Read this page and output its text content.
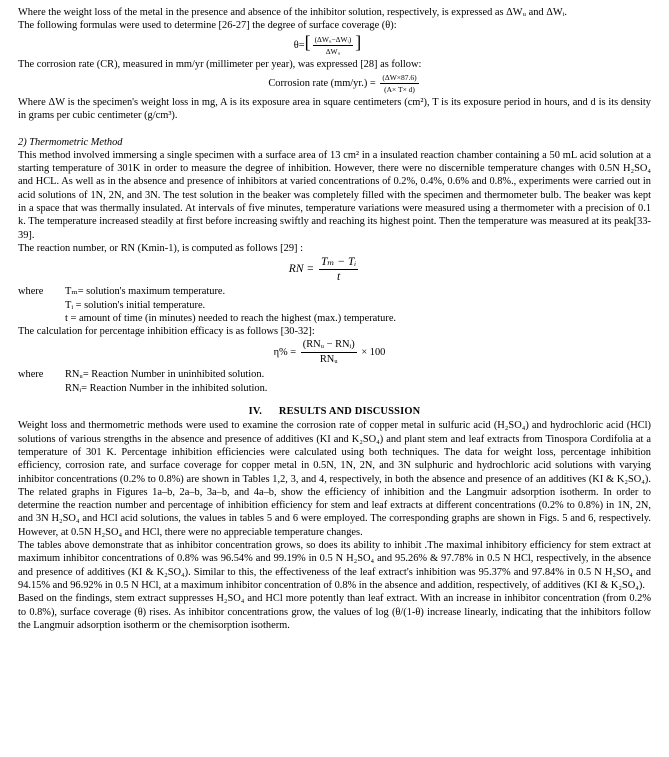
Where the weight loss of the metal in the presence and absence of the inhibitor solution, respectively, is expressed as ΔWᵤ and ΔWᵢ.

The following formulas were used to determine [26-27] the degree of surface coverage (θ):

$\theta=[ \frac{\text{(ΔWᵤ−ΔWᵢ)}}{\text{ΔWᵤ}}$ ]

The corrosion rate (CR), measured in mm/yr (millimeter per year), was expressed [28] as follow:

Corrosion rate $(mm/yr.) = \frac{(\Delta W\times 87.6)}{(A\times T\times d)}$

Where ΔW is the specimen's weight loss in mg, A is its exposure area in square centimeters (cm²), T is its exposure period in hours, and d is its density in grams per cubic centimeter (g/cm³).

2) Thermometric Method

This method involved immersing a single specimen with a surface area of 13 cm² in a insulated reaction chamber containing a 50 mL acid solution at a starting temperature of 301K in order to measure the degree of inhibition. However, there were no discernible temperature changes with 0.5N H₂SO₄ and HCL. As well as in the absence and presence of inhibitors at varied concentrations of 0.2%, 0.4%, 0.6% and 0.8%., experiments were carried out in acid solutions of 1N, 2N, and 3N. The test solution in the beaker was completely filled with the specimen and thermometer bulb. The beaker was kept in a space that was thermally insulated. At intervals of five minutes, temperature variations were measured using a thermometer with a precision of 0.1 k. The temperature increased steadily at first before increasing swiftly and reaching its highest point. Then the temperature was measured at its peak[33-39].

The reaction number, or RN (Kmin-1), is computed as follows [29] :

RN = $\frac{\text{Tₘ − Tᵢ}}{t}$
where	Tₘ= solution's maximum temperature.
Tᵢ = solution's initial temperature.
t = amount of time (in minutes) needed to reach the highest (max.) temperature.

The calculation for percentage inhibition efficacy is as follows [30-32]:

$\eta\% = \frac{\text{(RNᵤ − RNᵢ)}}{\text{RNᵤ}} \times 100$
where	RNᵤ= Reaction Number in uninhibited solution.
RNᵢ= Reaction Number in the inhibited solution.

IV.      RESULTS AND DISCUSSION

Weight loss and thermometric methods were used to examine the corrosion rate of copper metal in sulfuric acid (H₂SO₄) and hydrochloric acid (HCl) solutions of various strengths in the absence and presence of additives (KI and K₂SO₄) and plant stem and leaf extracts from Tinospora Cordifolia at a temperature of 301 K. Percentage inhibition efficiencies were calculated using both techniques. The data for weight loss, percentage inhibition efficiency, corrosion rate, and surface coverage for copper metal in 0.5N, 1N, 2N, and 3N sulphuric and hydrochloric acid solutions with varying inhibitor concentrations (0.2% to 0.8%) are shown in Tables 1,2, 3, and 4, respectively, in both the absence and presence of an additives (KI & K₂SO₄). The related graphs in Figures 1a–b, 2a–b, 3a–b, and 4a–b, show the efficiency of inhibition and the Langmuir adsorption isotherm. In order to determine the reaction number and percentage of inhibition efficiency for stem and leaf extracts at different concentrations (0.2% to 0.8%) in 1N, 2N, and 3N H₂SO₄ and HCl acid solutions, the values in tables 5 and 6 were employed. The corresponding graphs are shown in Figs. 5 and 6, respectively. However, at 0.5N H₂SO₄ and HCl, there were no appreciable temperature changes.

The tables above demonstrate that as inhibitor concentration grows, so does its ability to inhibit .The maximal inhibitory efficiency for stem extract at maximum inhibitor concentrations of 0.8% was 96.54% and 99.19% in 0.5 N H₂SO₄ and 95.26% & 97.78% in 0.5 N HCl, respectively, in the absence and presence of additives (KI & K₂SO₄). Similar to this, the effectiveness of the leaf extract's inhibition was 95.37% and 97.84% in 0.5 N H₂SO₄ and 94.15% and 96.92% in 0.5 N HCl, at a maximum inhibitor concentration of 0.8% in the absence and addition, respectively, of additives (KI & K₂SO₄).

Based on the findings, stem extract suppresses H₂SO₄ and HCl more potently than leaf extract. With an increase in inhibitor concentration (from 0.2% to 0.8%), surface coverage (θ) rises. As inhibitor concentrations grow, the values of log (θ/(1-θ) increase linearly, indicating that the inhibitors follow the Langmuir adsorption isotherm or the chemisorption isotherm.
